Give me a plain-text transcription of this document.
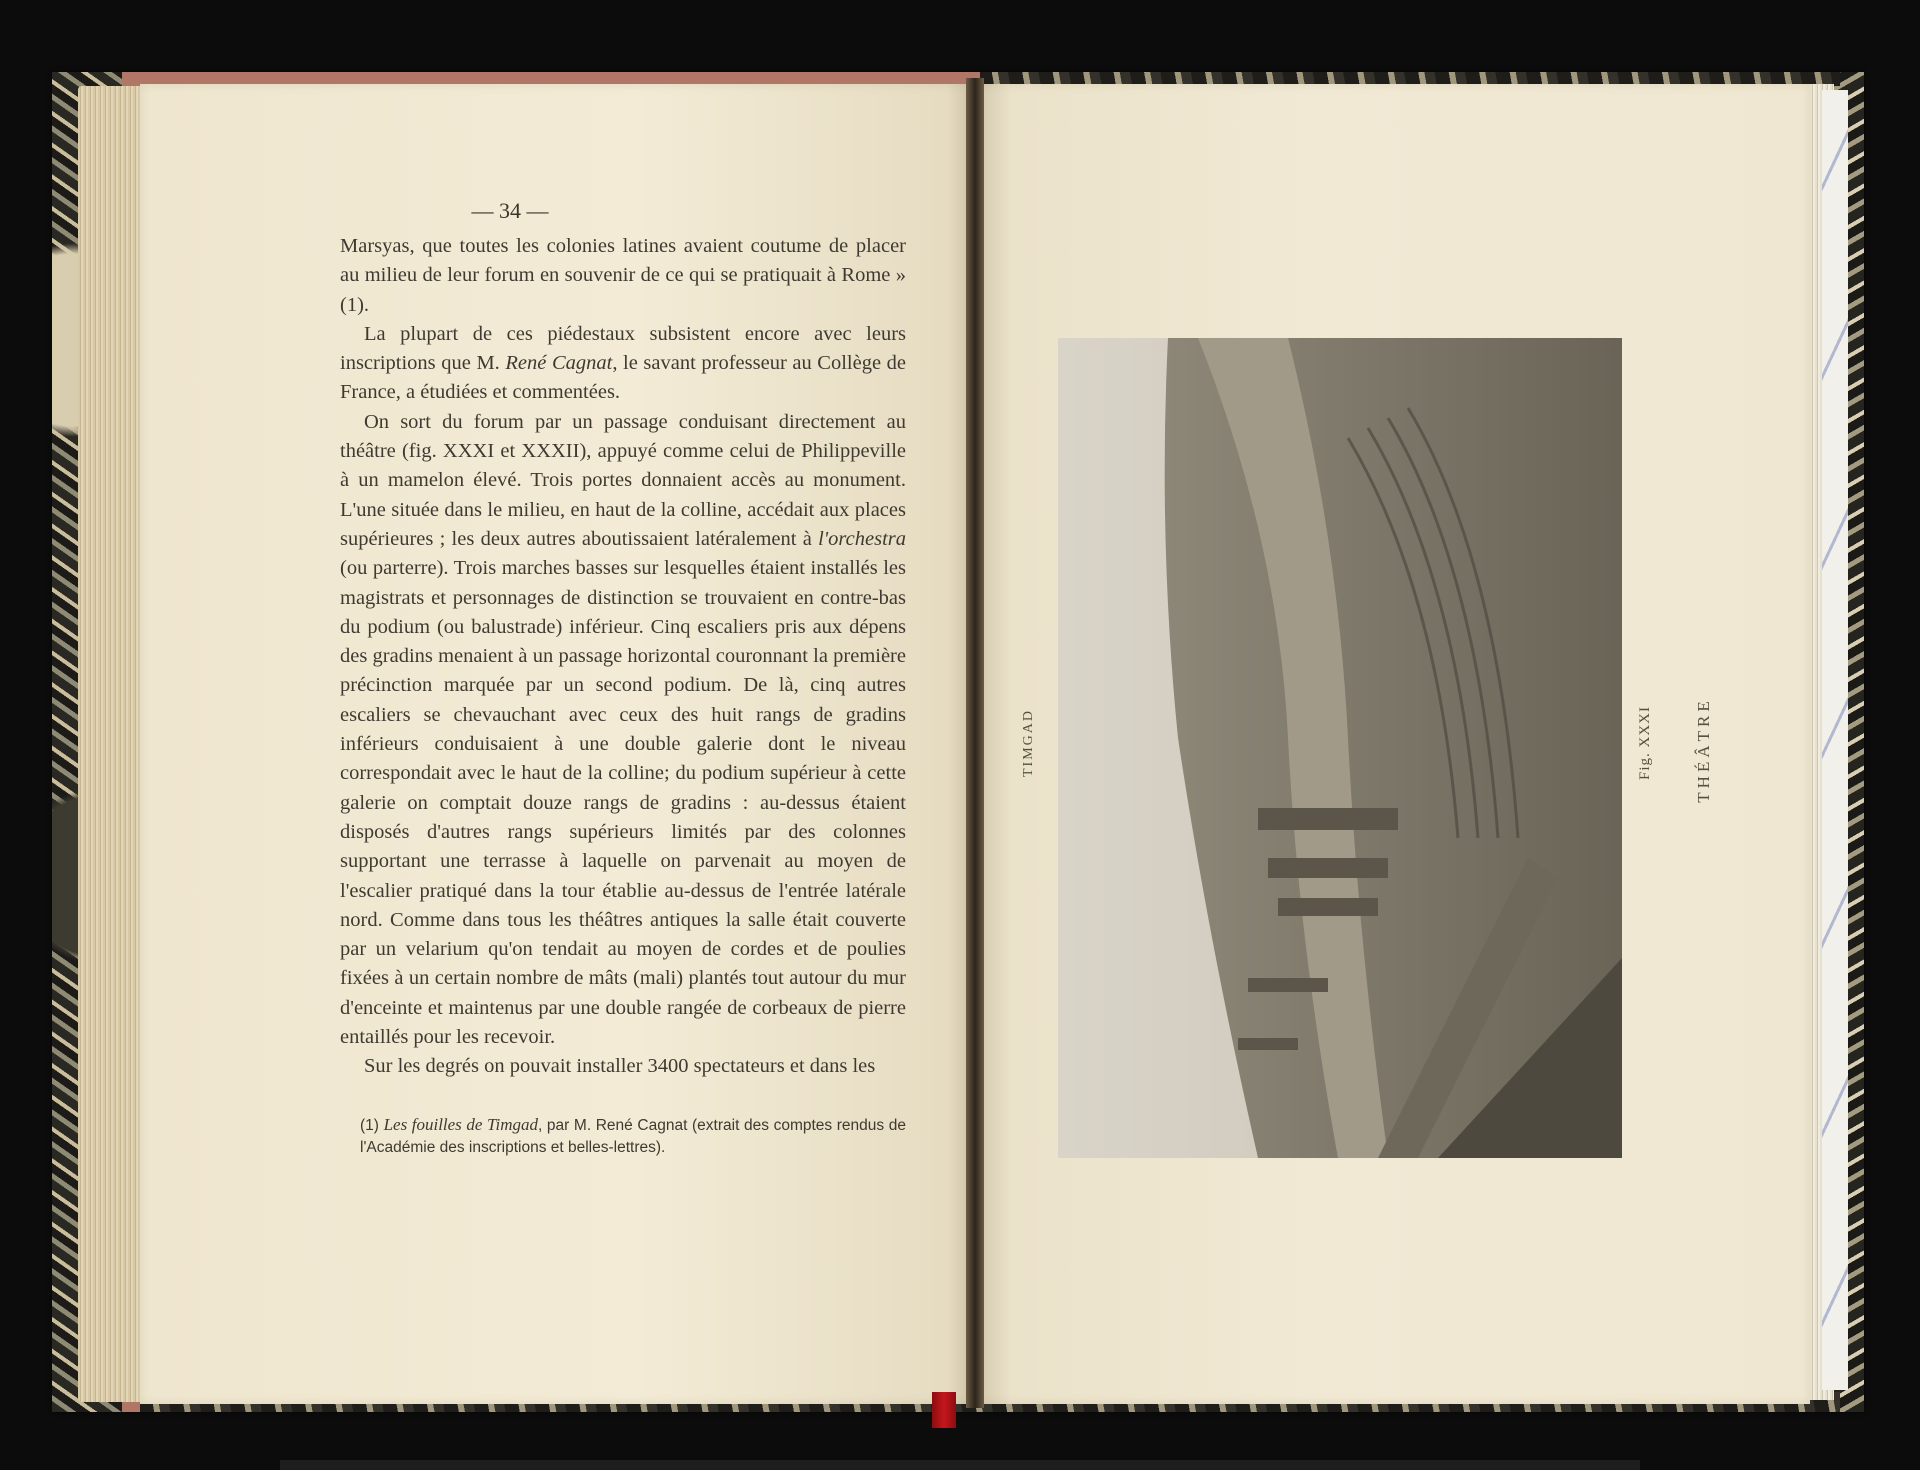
— 34 —

Marsyas, que toutes les colonies latines avaient coutume de placer au milieu de leur forum en souvenir de ce qui se pratiquait à Rome » (1).

La plupart de ces piédestaux subsistent encore avec leurs inscriptions que M. René Cagnat, le savant professeur au Collège de France, a étudiées et commentées.

On sort du forum par un passage conduisant directement au théâtre (fig. XXXI et XXXII), appuyé comme celui de Philippeville à un mamelon élevé. Trois portes donnaient accès au monument. L'une située dans le milieu, en haut de la colline, accédait aux places supérieures ; les deux autres aboutissaient latéralement à l'orchestra (ou parterre). Trois marches basses sur lesquelles étaient installés les magistrats et personnages de distinction se trouvaient en contre-bas du podium (ou balustrade) inférieur. Cinq escaliers pris aux dépens des gradins menaient à un passage horizontal couronnant la première précinction marquée par un second podium. De là, cinq autres escaliers se chevauchant avec ceux des huit rangs de gradins inférieurs conduisaient à une double galerie dont le niveau correspondait avec le haut de la colline; du podium supérieur à cette galerie on comptait douze rangs de gradins : au-dessus étaient disposés d'autres rangs supérieurs limités par des colonnes supportant une terrasse à laquelle on parvenait au moyen de l'escalier pratiqué dans la tour établie au-dessus de l'entrée latérale nord. Comme dans tous les théâtres antiques la salle était couverte par un velarium qu'on tendait au moyen de cordes et de poulies fixées à un certain nombre de mâts (mali) plantés tout autour du mur d'enceinte et maintenus par une double rangée de corbeaux de pierre entaillés pour les recevoir.

Sur les degrés on pouvait installer 3400 spectateurs et dans les

(1) Les fouilles de Timgad, par M. René Cagnat (extrait des comptes rendus de l'Académie des inscriptions et belles-lettres).
TIMGAD	Fig. XXXI	THÉÂTRE
